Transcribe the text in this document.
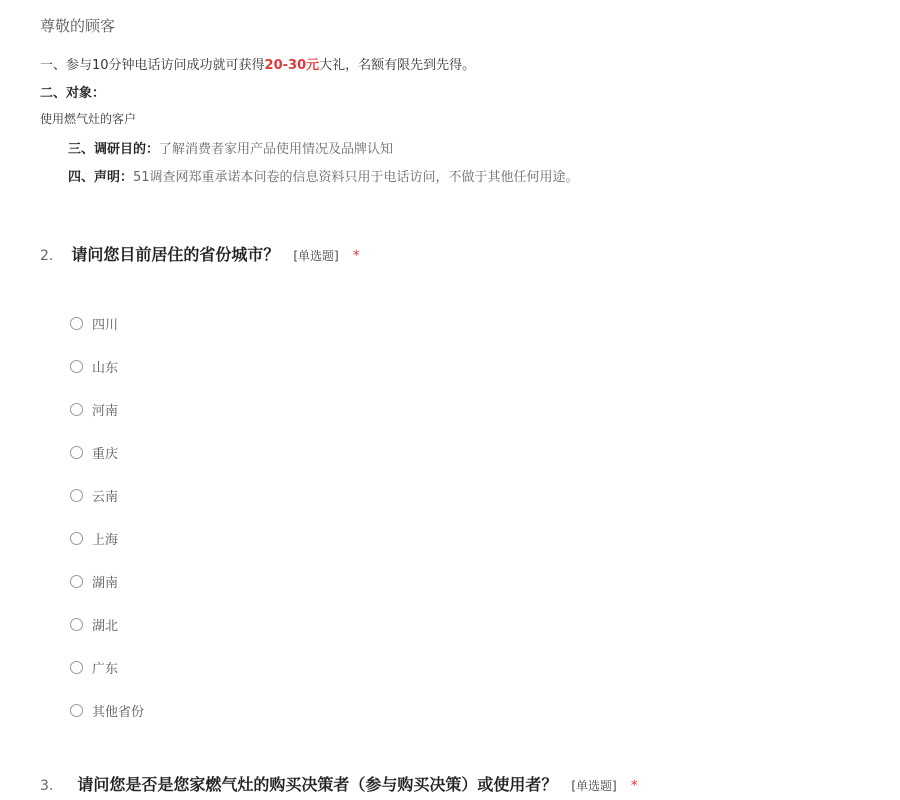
尊敬的顾客
一、参与10分钟电话访问成功就可获得20-30元大礼，名额有限先到先得。
二、对象：
使用燃气灶的客户
三、调研目的：了解消费者家用产品使用情况及品牌认知
四、声明：51调查网郑重承诺本问卷的信息资料只用于电话访问，不做于其他任何用途。
2. 请问您目前居住的省份城市？ [单选题] *
四川
山东
河南
重庆
云南
上海
湖南
湖北
广东
其他省份
3. 请问您是否是您家燃气灶的购买决策者（参与购买决策）或使用者？ [单选题] *
